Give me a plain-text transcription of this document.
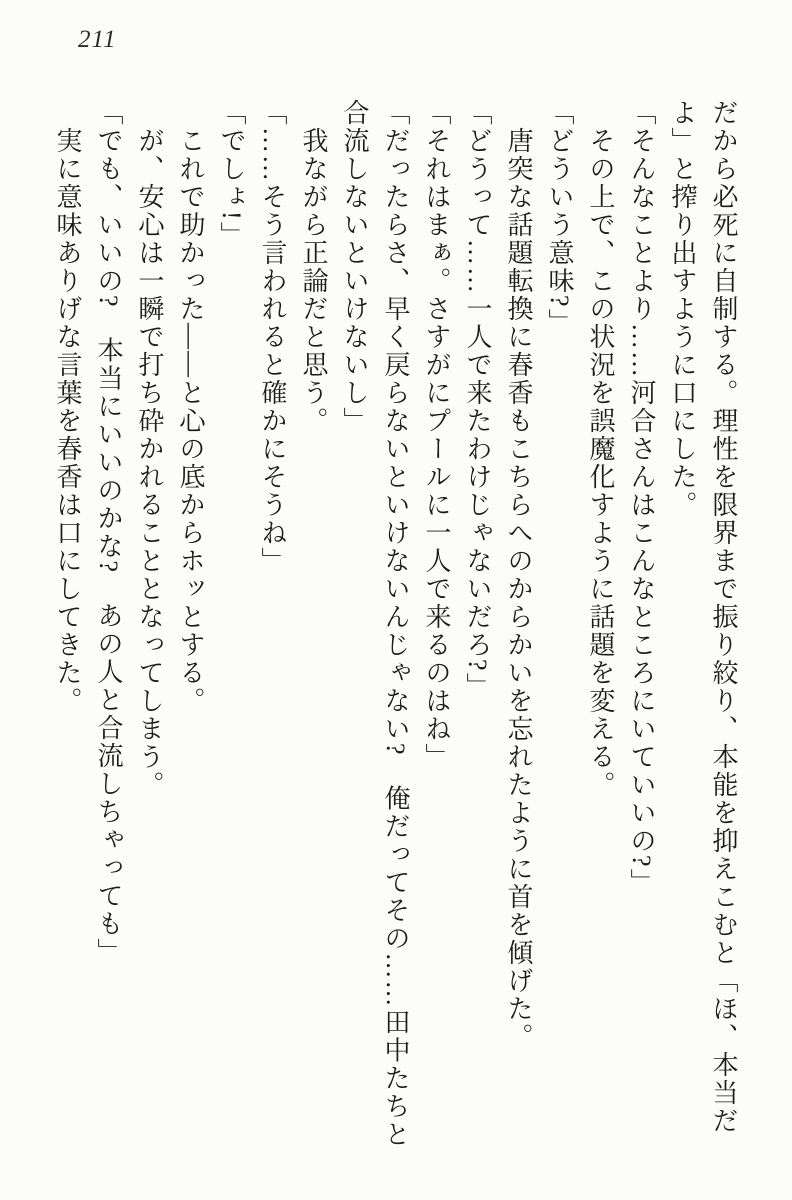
211
だから必死に自制する。理性を限界まで振り絞り、本能を抑えこむと「ほ、本当だ
よ」と搾り出すように口にした。
「そんなことより……河合さんはこんなところにいていいの?」
その上で、この状況を誤魔化すように話題を変える。
「どういう意味?」
唐突な話題転換に春香もこちらへのからかいを忘れたように首を傾げた。
「どうって……一人で来たわけじゃないだろ?」
「それはまぁ。さすがにプールに一人で来るのはね」
「だったらさ、早く戻らないといけないんじゃない?　俺だってその……田中たちと
合流しないといけないし」
我ながら正論だと思う。
「……そう言われると確かにそうね」
「でしょ!」
これで助かった――と心の底からホッとする。
が、安心は一瞬で打ち砕かれることとなってしまう。
「でも、いいの?　本当にいいのかな?　あの人と合流しちゃっても」
実に意味ありげな言葉を春香は口にしてきた。
